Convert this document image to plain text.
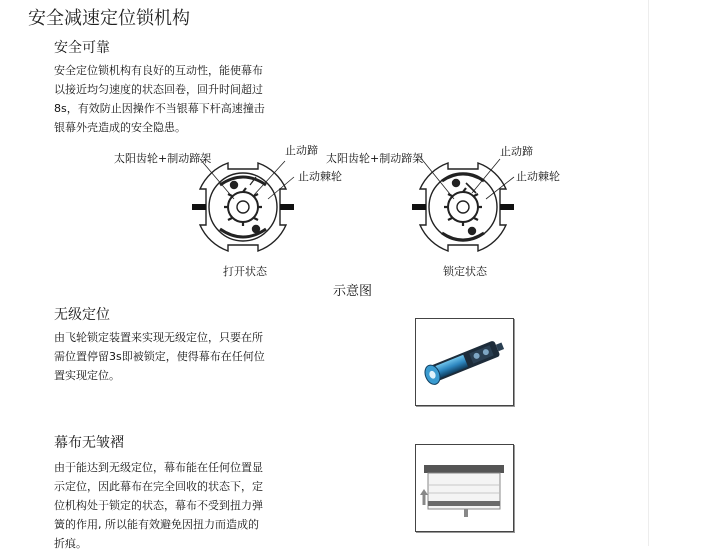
安全减速定位锁机构
安全可靠
安全定位锁机构有良好的互动性，能使幕布
以接近均匀速度的状态回卷，回升时间超过
8s，有效防止因操作不当银幕下杆高速撞击
银幕外壳造成的安全隐患。
太阳齿轮+制动蹄架
止动蹄
止动棘轮
打开状态
太阳齿轮+制动蹄架
止动蹄
止动棘轮
锁定状态
示意图
无级定位
由飞轮锁定装置来实现无级定位，只要在所
需位置停留3s即被锁定，使得幕布在任何位
置实现定位。
幕布无皱褶
由于能达到无级定位，幕布能在任何位置显
示定位，因此幕布在完全回收的状态下，定
位机构处于锁定的状态，幕布不受到扭力弹
簧的作用, 所以能有效避免因扭力而造成的
折痕。
